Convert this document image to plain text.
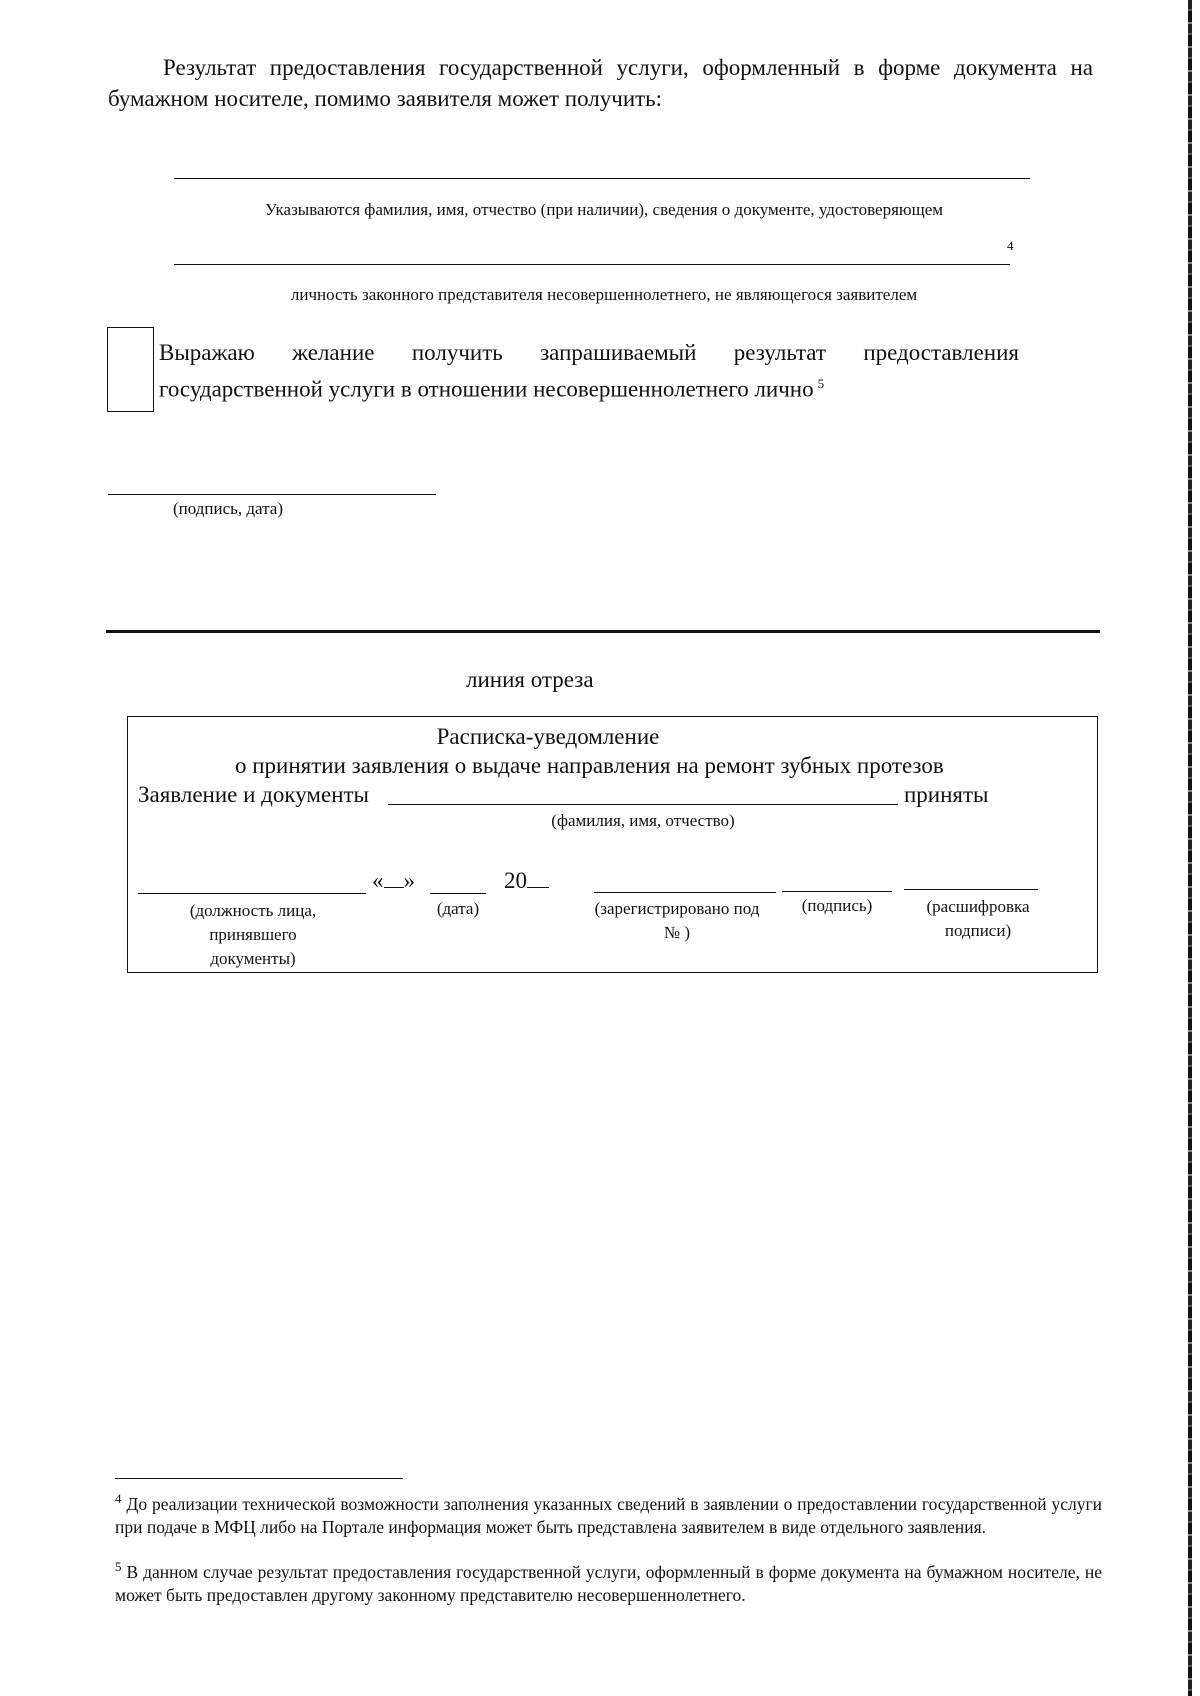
Результат предоставления государственной услуги, оформленный в форме документа на бумажном носителе, помимо заявителя может получить:
Указываются фамилия, имя, отчество (при наличии), сведения о документе, удостоверяющем
4
личность законного представителя несовершеннолетнего, не являющегося заявителем
Выражаю желание получить запрашиваемый результат предоставления
государственной услуги в отношении несовершеннолетнего лично $^5$
(подпись, дата)
линия отреза
Расписка-уведомление
о принятии заявления о выдаче направления на ремонт зубных протезов
Заявление и документы	приняты
(фамилия, имя, отчество)
« »	20
(должность лица, принявшего документы)
(дата)	(зарегистрировано под № )
(подпись)	(расшифровка подписи)
$^4$ До реализации технической возможности заполнения указанных сведений в заявлении о предоставлении государственной услуги при подаче в МФЦ либо на Портале информация может быть представлена заявителем в виде отдельного заявления.
$^5$ В данном случае результат предоставления государственной услуги, оформленный в форме документа на бумажном носителе, не может быть предоставлен другому законному представителю несовершеннолетнего.
